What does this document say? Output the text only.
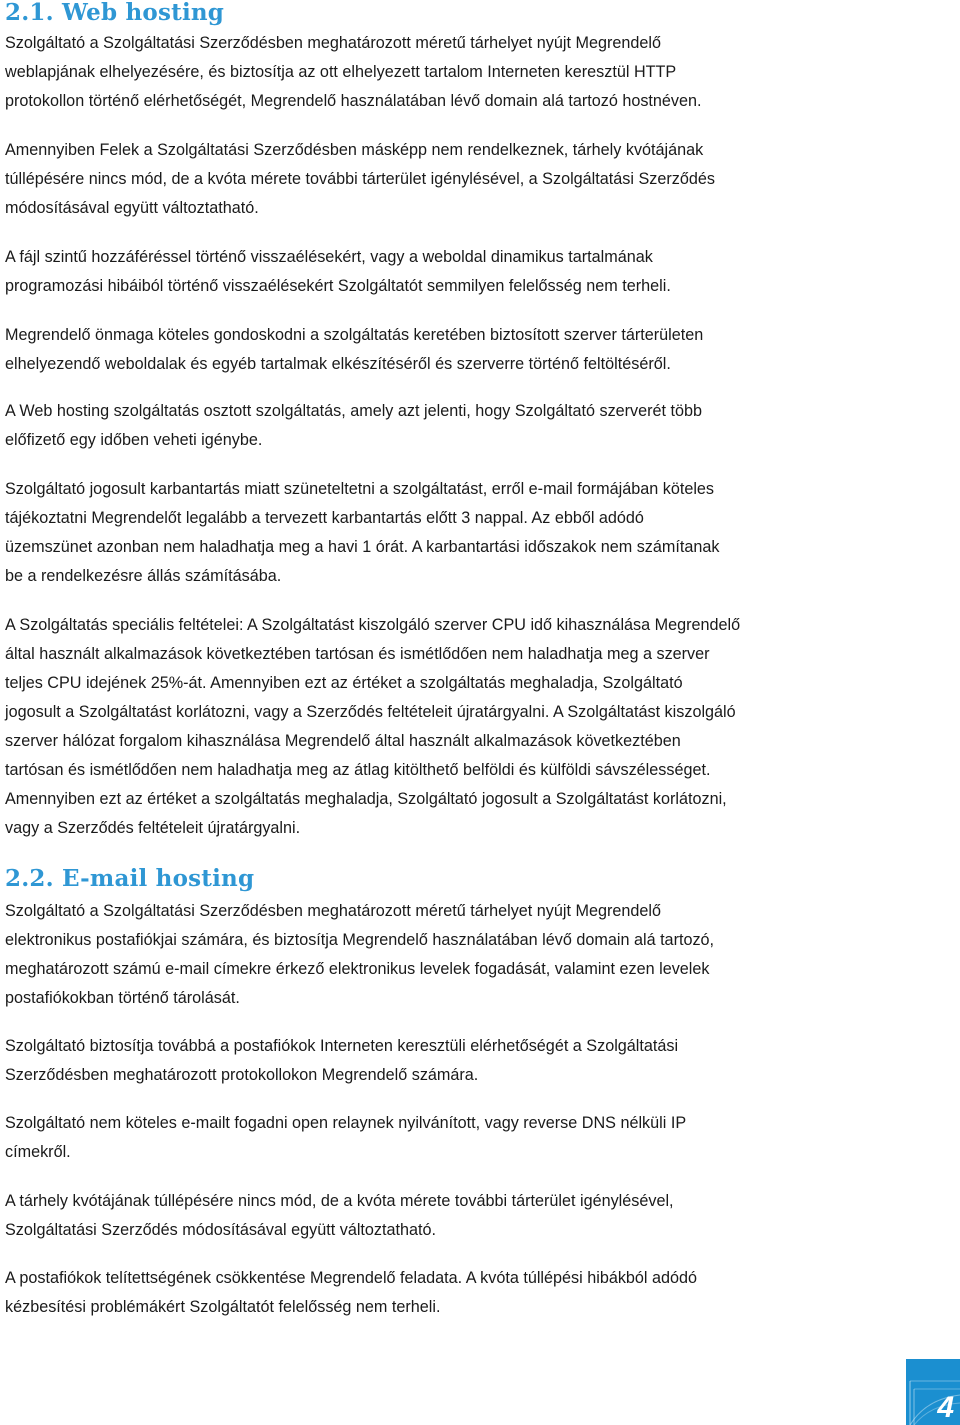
2.1. Web hosting

Szolgáltató a Szolgáltatási Szerződésben meghatározott méretű tárhelyet nyújt Megrendelő
weblapjának elhelyezésére, és biztosítja az ott elhelyezett tartalom Interneten keresztül HTTP
protokollon történő elérhetőségét, Megrendelő használatában lévő domain alá tartozó hostnéven.

Amennyiben Felek a Szolgáltatási Szerződésben másképp nem rendelkeznek, tárhely kvótájának
túllépésére nincs mód, de a kvóta mérete további tárterület igénylésével, a Szolgáltatási Szerződés
módosításával együtt változtatható.

A fájl szintű hozzáféréssel történő visszaélésekért, vagy a weboldal dinamikus tartalmának
programozási hibáiból történő visszaélésekért Szolgáltatót semmilyen felelősség nem terheli.

Megrendelő önmaga köteles gondoskodni a szolgáltatás keretében biztosított szerver tárterületen
elhelyezendő weboldalak és egyéb tartalmak elkészítéséről és szerverre történő feltöltéséről.

A Web hosting szolgáltatás osztott szolgáltatás, amely azt jelenti, hogy Szolgáltató szerverét több
előfizető egy időben veheti igénybe.

Szolgáltató jogosult karbantartás miatt szüneteltetni a szolgáltatást, erről e-mail formájában köteles
tájékoztatni Megrendelőt legalább a tervezett karbantartás előtt 3 nappal. Az ebből adódó
üzemszünet azonban nem haladhatja meg a havi 1 órát. A karbantartási időszakok nem számítanak
be a rendelkezésre állás számításába.

A Szolgáltatás speciális feltételei: A Szolgáltatást kiszolgáló szerver CPU idő kihasználása Megrendelő
által használt alkalmazások következtében tartósan és ismétlődően nem haladhatja meg a szerver
teljes CPU idejének 25%-át. Amennyiben ezt az értéket a szolgáltatás meghaladja, Szolgáltató
jogosult a Szolgáltatást korlátozni, vagy a Szerződés feltételeit újratárgyalni. A Szolgáltatást kiszolgáló
szerver hálózat forgalom kihasználása Megrendelő által használt alkalmazások következtében
tartósan és ismétlődően nem haladhatja meg az átlag kitölthető belföldi és külföldi sávszélességet.
Amennyiben ezt az értéket a szolgáltatás meghaladja, Szolgáltató jogosult a Szolgáltatást korlátozni,
vagy a Szerződés feltételeit újratárgyalni.

2.2. E-mail hosting

Szolgáltató a Szolgáltatási Szerződésben meghatározott méretű tárhelyet nyújt Megrendelő
elektronikus postafiókjai számára, és biztosítja Megrendelő használatában lévő domain alá tartozó,
meghatározott számú e-mail címekre érkező elektronikus levelek fogadását, valamint ezen levelek
postafiókokban történő tárolását.

Szolgáltató biztosítja továbbá a postafiókok Interneten keresztüli elérhetőségét a Szolgáltatási
Szerződésben meghatározott protokollokon Megrendelő számára.

Szolgáltató nem köteles e-mailt fogadni open relaynek nyilvánított, vagy reverse DNS nélküli IP
címekről.

A tárhely kvótájának túllépésére nincs mód, de a kvóta mérete további tárterület igénylésével,
Szolgáltatási Szerződés módosításával együtt változtatható.

A postafiókok telítettségének csökkentése Megrendelő feladata. A kvóta túllépési hibákból adódó
kézbesítési problémákért Szolgáltatót felelősség nem terheli.

4
